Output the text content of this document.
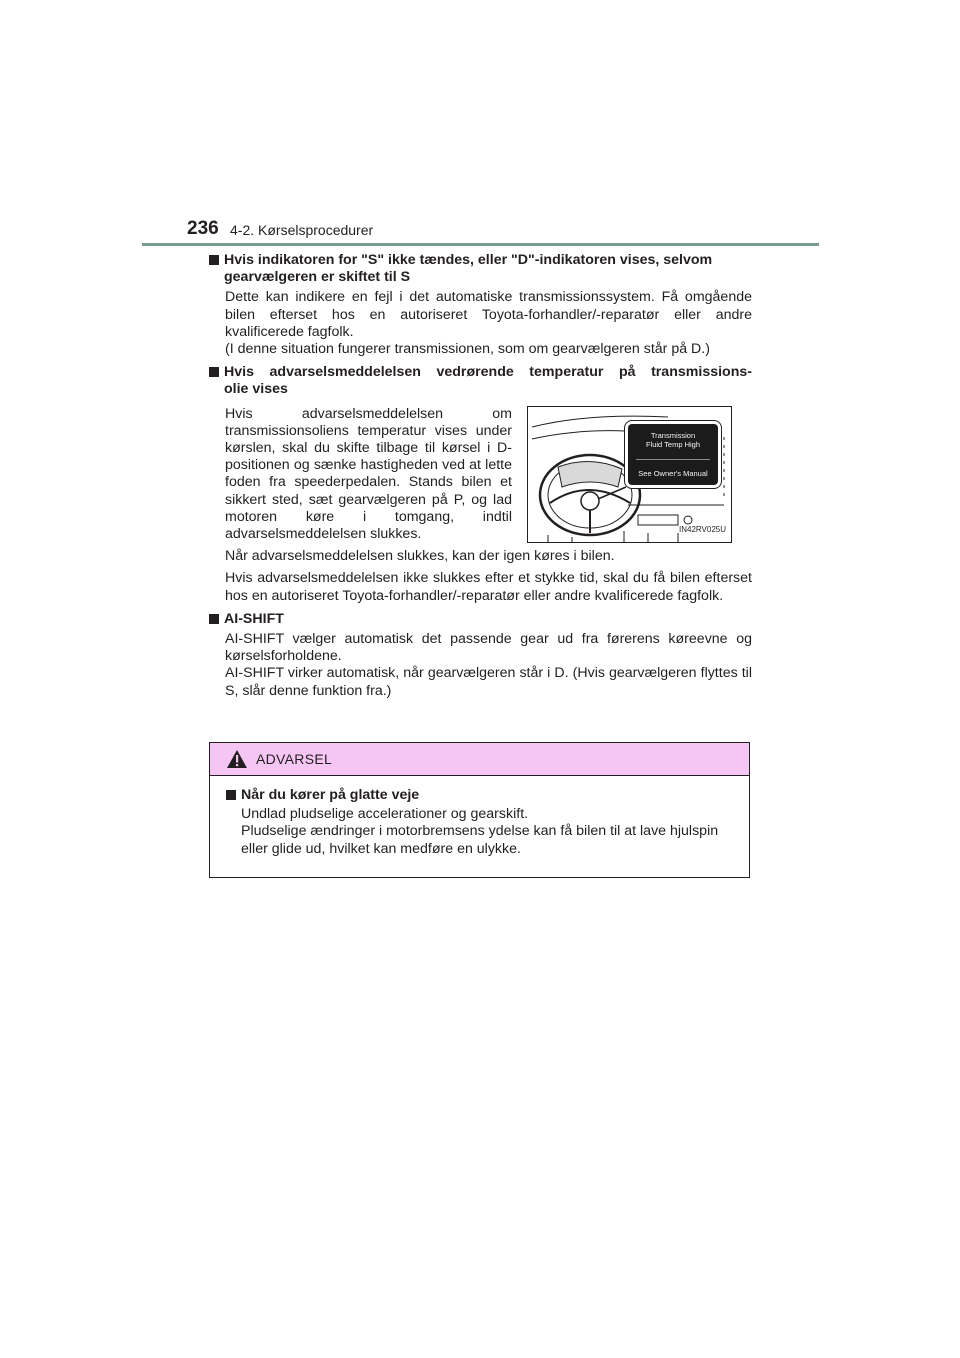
236 4-2. Kørselsprocedurer
Hvis indikatoren for "S" ikke tændes, eller "D"-indikatoren vises, selvom
gearvælgeren er skiftet til S

Dette kan indikere en fejl i det automatiske transmissionssystem. Få omgående bilen efterset hos en autoriseret Toyota-forhandler/-reparatør eller andre kvalificerede fagfolk.

(I denne situation fungerer transmissionen, som om gearvælgeren står på D.)

Hvis advarselsmeddelelsen vedrørende temperatur på transmissions-
olie vises

Hvis advarselsmeddelelsen om transmissionsoliens temperatur vises under kørslen, skal du skifte tilbage til kørsel i D-positionen og sænke hastigheden ved at lette foden fra speederpedalen. Stands bilen et sikkert sted, sæt gearvælgeren på P, og lad motoren køre i tomgang, indtil advarselsmeddelelsen slukkes.

Transmission
Fluid Temp High
See Owner's Manual
IN42RV025U

Når advarselsmeddelelsen slukkes, kan der igen køres i bilen.

Hvis advarselsmeddelelsen ikke slukkes efter et stykke tid, skal du få bilen efterset hos en autoriseret Toyota-forhandler/-reparatør eller andre kvalificerede fagfolk.

AI-SHIFT

AI-SHIFT vælger automatisk det passende gear ud fra førerens køreevne og kørselsforholdene.

AI-SHIFT virker automatisk, når gearvælgeren står i D. (Hvis gearvælgeren flyttes til S, slår denne funktion fra.)

ADVARSEL
Når du kører på glatte veje

Undlad pludselige accelerationer og gearskift.

Pludselige ændringer i motorbremsens ydelse kan få bilen til at lave hjulspin eller glide ud, hvilket kan medføre en ulykke.
